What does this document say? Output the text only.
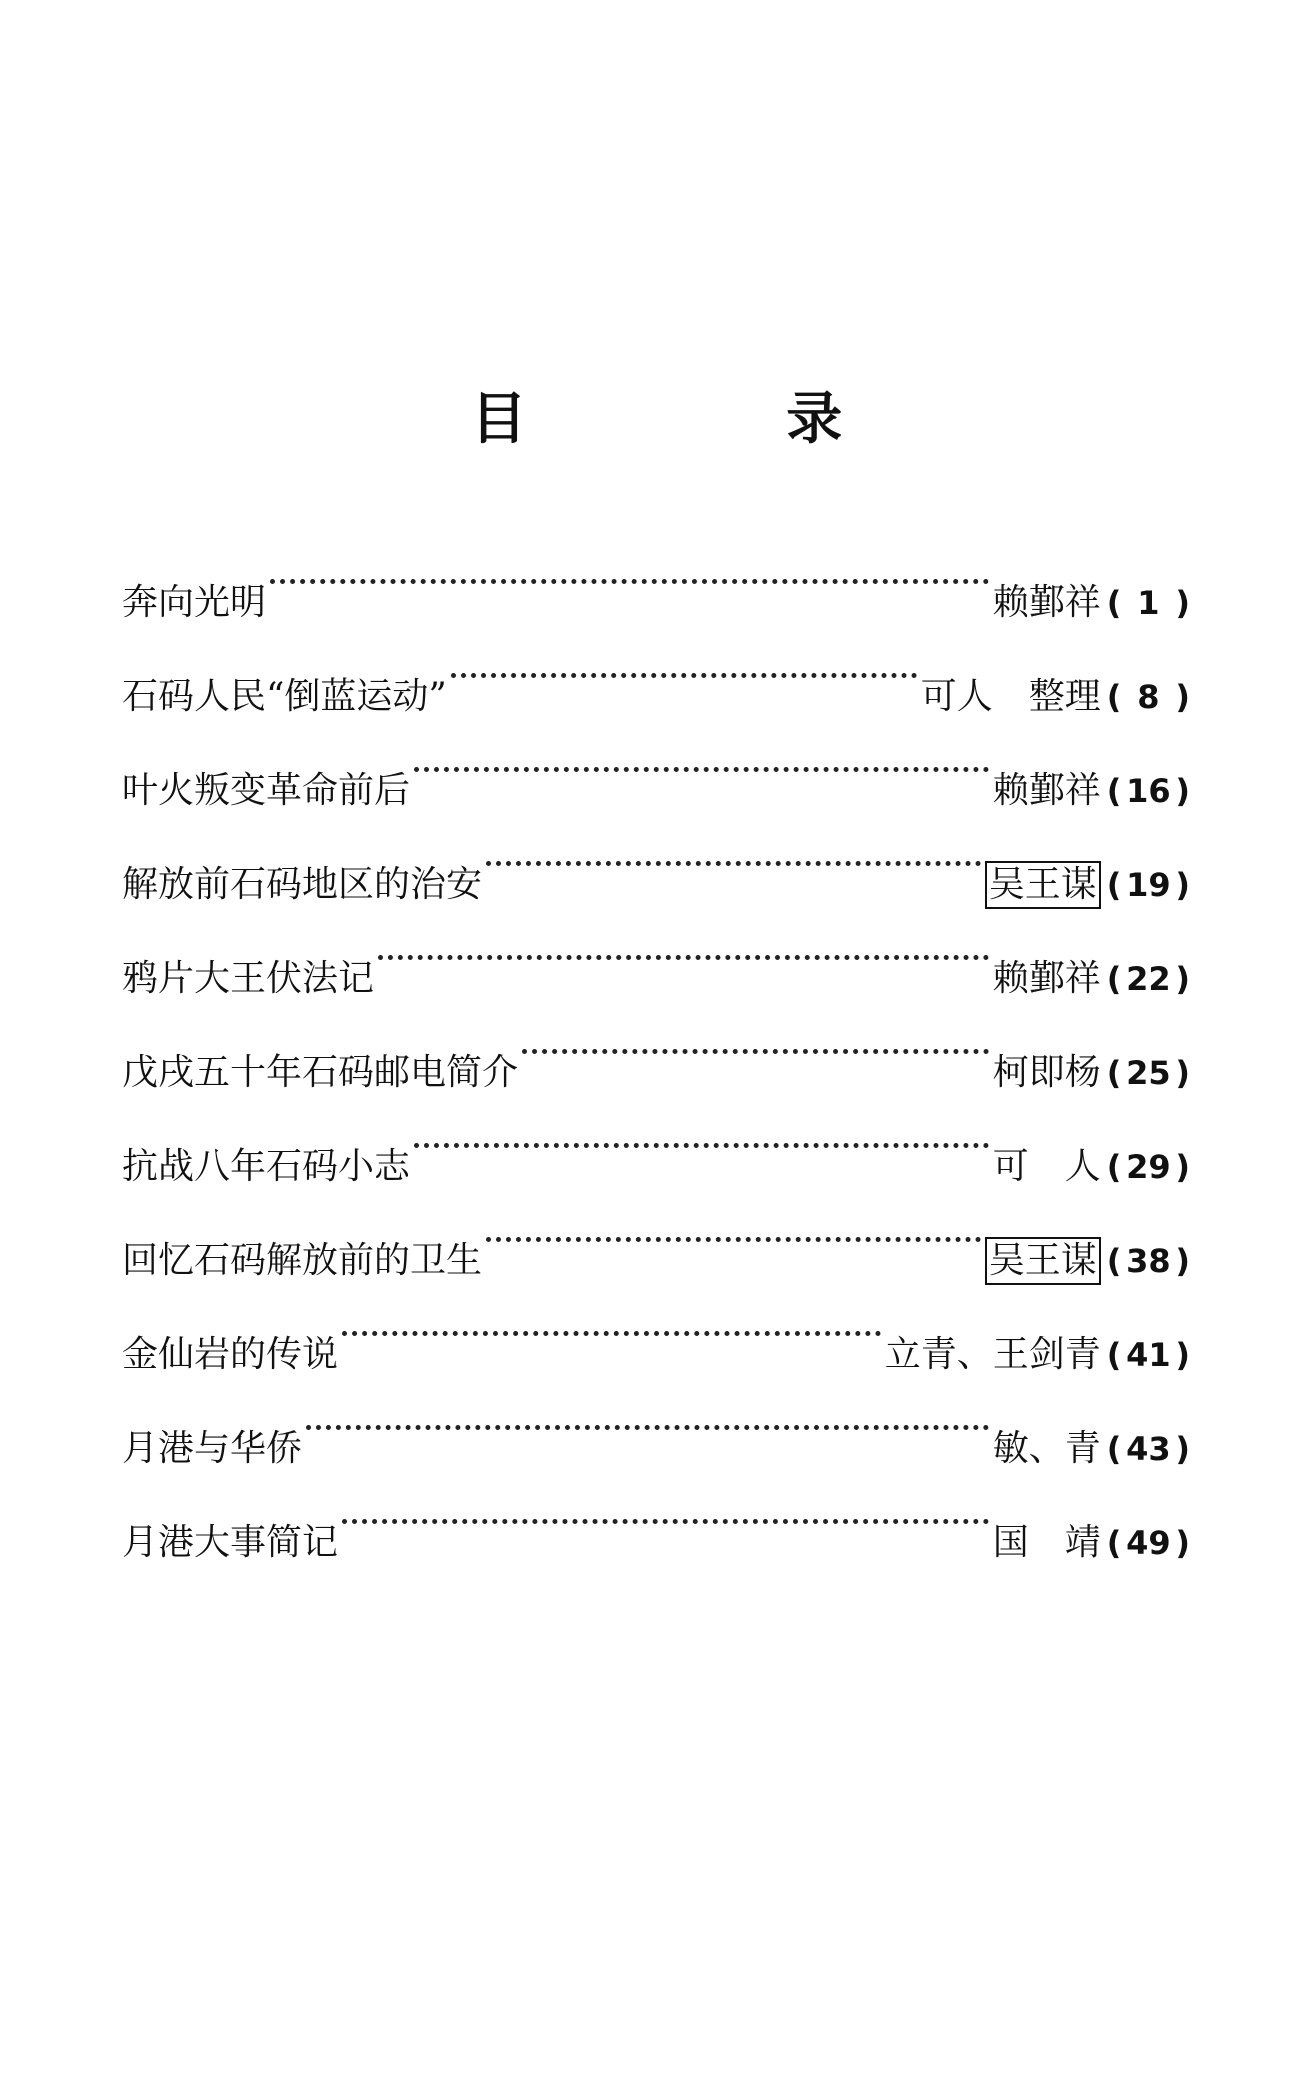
目 录
奔向光明	赖鄞祥 ( 1 )
石码人民“倒蓝运动”	可人　整理 ( 8 )
叶火叛变革命前后	赖鄞祥 ( 16 )
解放前石码地区的治安	吴王谋 ( 19 )
鸦片大王伏法记	赖鄞祥 ( 22 )
戊戌五十年石码邮电简介	柯即杨 ( 25 )
抗战八年石码小志	可　人 ( 29 )
回忆石码解放前的卫生	吴王谋 ( 38 )
金仙岩的传说	立青、王剑青 ( 41 )
月港与华侨	敏、青 ( 43 )
月港大事简记	国　靖 ( 49 )
